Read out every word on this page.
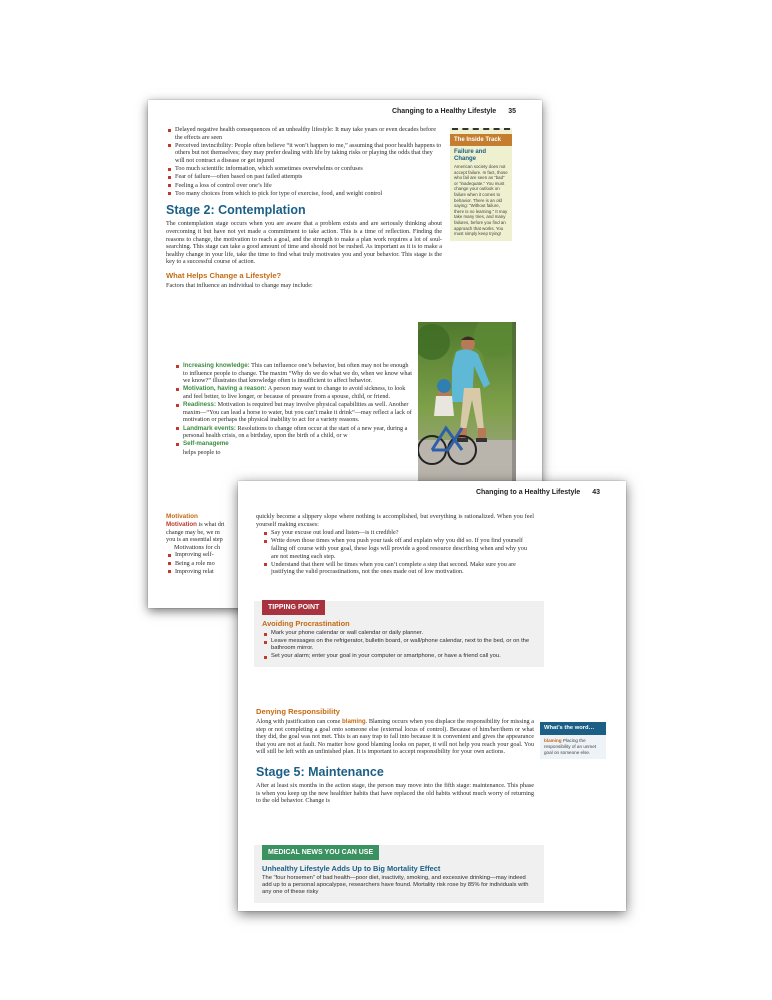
Changing to a Healthy Lifestyle 35
Delayed negative health consequences of an unhealthy lifestyle: It may take years or even decades before the effects are seen
Perceived invincibility: People often believe “it won’t happen to me,” assuming that poor health happens to others but not themselves; they may prefer dealing with life by taking risks or playing the odds that they will not contract a disease or get injured
Too much scientific information, which sometimes overwhelms or confuses
Fear of failure—often based on past failed attempts
Feeling a loss of control over one’s life
Too many choices from which to pick for type of exercise, food, and weight control
Stage 2: Contemplation

The contemplation stage occurs when you are aware that a problem exists and are seriously thinking about overcoming it but have not yet made a commitment to take action. This is a time of reflection. Finding the reasons to change, the motivation to reach a goal, and the strength to make a plan work requires a lot of soul-searching. This stage can take a good amount of time and should not be rushed. As important as it is to make a healthy change in your life, take the time to find what truly motivates you and your behavior. This stage is the key to a successful course of action.

What Helps Change a Lifestyle?

Factors that influence an individual to change may include:

Increasing knowledge: This can influence one’s behavior, but often may not be enough to influence people to change. The maxim “Why do we do what we do, when we know what we know?” illustrates that knowledge often is insufficient to affect behavior.
Motivation, having a reason: A person may want to change to avoid sickness, to look and feel better, to live longer, or because of pressure from a spouse, child, or friend.
Readiness: Motivation is required but may involve physical capabilities as well. Another maxim—“You can lead a horse to water, but you can’t make it drink”—may reflect a lack of motivation or perhaps the physical inability to act for a variety reasons.
Landmark events: Resolutions to change often occur at the start of a new year, during a personal health crisis, on a birthday, upon the birth of a child, or w
Self-manageme

helps people to

Motivation

Motivation is what dri

change may be, we m

you is an essential step

Motivations for ch

Improving self-
Being a role mo
Improving relat
The Inside Track
Failure and Change
American society does not accept failure. In fact, those who fail are seen as “bad” or “inadequate.” You must change your outlook on failure when it comes to behavior. There is an old saying: “Without failure, there is no learning.” It may take many tries, and many failures, before you find an approach that works. You must simply keep trying!
Changing to a Healthy Lifestyle 43

quickly become a slippery slope where nothing is accomplished, but everything is rationalized. When you feel yourself making excuses:

Say your excuse out loud and listen—is it credible?
Write down those times when you push your task off and explain why you did so. If you find yourself falling off course with your goal, these logs will provide a good resource describing when and why you are not meeting each step.
Understand that there will be times when you can’t complete a step that second. Make sure you are justifying the valid procrastinations, not the ones made out of low motivation.
TIPPING POINT
Avoiding Procrastination
Mark your phone calendar or wall calendar or daily planner.
Leave messages on the refrigerator, bulletin board, or wall/phone calendar, next to the bed, or on the bathroom mirror.
Set your alarm; enter your goal in your computer or smartphone, or have a friend call you.
Denying Responsibility

Along with justification can come blaming. Blaming occurs when you displace the responsibility for missing a step or not completing a goal onto someone else (external locus of control). Because of him/her/them or what they did, the goal was not met. This is an easy trap to fall into because it is convenient and gives the appearance that you are not at fault. No matter how good blaming looks on paper, it will not help you reach your goal. You will still be left with an unfinished plan. It is important to accept responsibility for your own actions.

Stage 5: Maintenance

After at least six months in the action stage, the person may move into the fifth stage: maintenance. This phase is when you keep up the new healthier habits that have replaced the old habits without much worry of returning to the old behavior. Change is

MEDICAL NEWS YOU CAN USE
Unhealthy Lifestyle Adds Up to Big Mortality Effect

The “four horsemen” of bad health—poor diet, inactivity, smoking, and excessive drinking—may indeed add up to a personal apocalypse, researchers have found. Mortality risk rose by 85% for individuals with any one of these risky

What’s the word…
blaming Placing the responsibility of an unmet goal on someone else.
